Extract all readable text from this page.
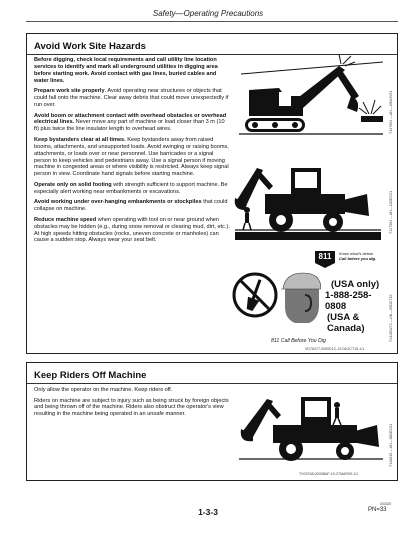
Safety—Operating Precautions
Avoid Work Site Hazards

Before digging, check local requirements and call utility line location services to identify and mark all underground utilities in digging area before starting work. Avoid contact with gas lines, buried cables and water lines.

Prepare work site properly. Avoid operating near structures or objects that could fall onto the machine. Clear away debris that could move unexpectedly if run over.

Avoid boom or attachment contact with overhead obstacles or overhead electrical lines. Never move any part of machine or load closer than 3 m (10 ft) plus twice the line insulator length to overhead wires.

Keep bystanders clear at all times. Keep bystanders away from raised booms, attachments, and unsupported loads. Avoid swinging or raising booms, attachments, or loads over or near personnel. Use barricades or a signal person to keep vehicles and pedestrians away. Use a signal person if moving machine in congested areas or where visibility is restricted. Always keep signal person in view. Coordinate hand signals before starting machine.

Operate only on solid footing with strength sufficient to support machine. Be especially alert working near embankments or excavations.

Avoid working under over-hanging embankments or stockpiles that could collapse on machine.

Reduce machine speed when operating with tool on or near ground when obstacles may be hidden (e.g., during snow removal or clearing mud, dirt, etc.). At high speeds hitting obstacles (rocks, uneven concrete or manholes) can cause a sudden stop. Always wear your seat belt.

T147654 —UN—25NOV01
T147564 —UN—13DEC01
811	Know what's below.
Call before you dig.
(USA only)
1-888-258-0808
(USA & Canada)	TX1083272 —UN—05OCT15
811 Call Before You Dig
VD76477,0000D1C-19-04OCT15-1/1
Keep Riders Off Machine

Only allow the operator on the machine. Keep riders off.

Riders on machine are subject to injury such as being struck by foreign objects and being thrown off of the machine. Riders also obstruct the operator's view resulting in the machine being operated in an unsafe manner.

T146815 —UN—08DEC01
TX03768,0000BAF-19-27MAR09-1/1
1-3-3
030320
PN=33
